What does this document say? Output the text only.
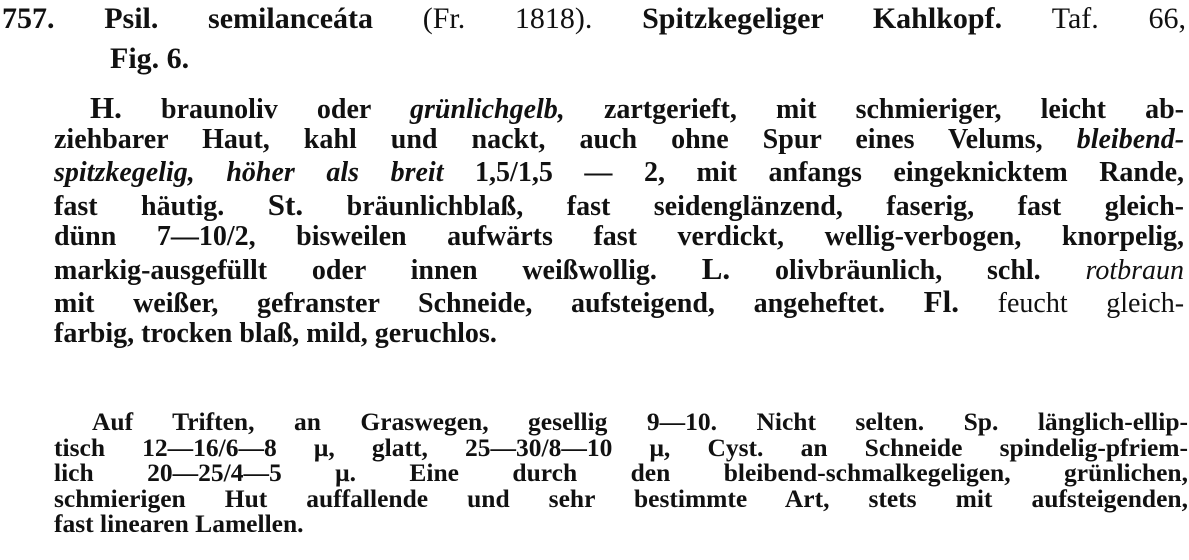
757. Psil. semilanceáta (Fr. 1818). Spitzkegeliger Kahlkopf. Taf. 66,
Fig. 6.
H. braunoliv oder grünlichgelb, zartgerieft, mit schmieriger, leicht ab-
ziehbarer Haut, kahl und nackt, auch ohne Spur eines Velums, bleibend-
spitzkegelig, höher als breit 1,5/1,5 — 2, mit anfangs eingeknicktem Rande,
fast häutig. St. bräunlichblaß, fast seidenglänzend, faserig, fast gleich-
dünn 7—10/2, bisweilen aufwärts fast verdickt, wellig-verbogen, knorpelig,
markig-ausgefüllt oder innen weißwollig. L. olivbräunlich, schl. rotbraun
mit weißer, gefranster Schneide, aufsteigend, angeheftet. Fl. feucht gleich-
farbig, trocken blaß, mild, geruchlos.
Auf Triften, an Graswegen, gesellig 9—10. Nicht selten. Sp. länglich-ellip-
tisch 12—16/6—8 μ, glatt, 25—30/8—10 μ, Cyst. an Schneide spindelig-pfriem-
lich 20—25/4—5 μ. Eine durch den bleibend-schmalkegeligen, grünlichen,
schmierigen Hut auffallende und sehr bestimmte Art, stets mit aufsteigenden,
fast linearen Lamellen.
